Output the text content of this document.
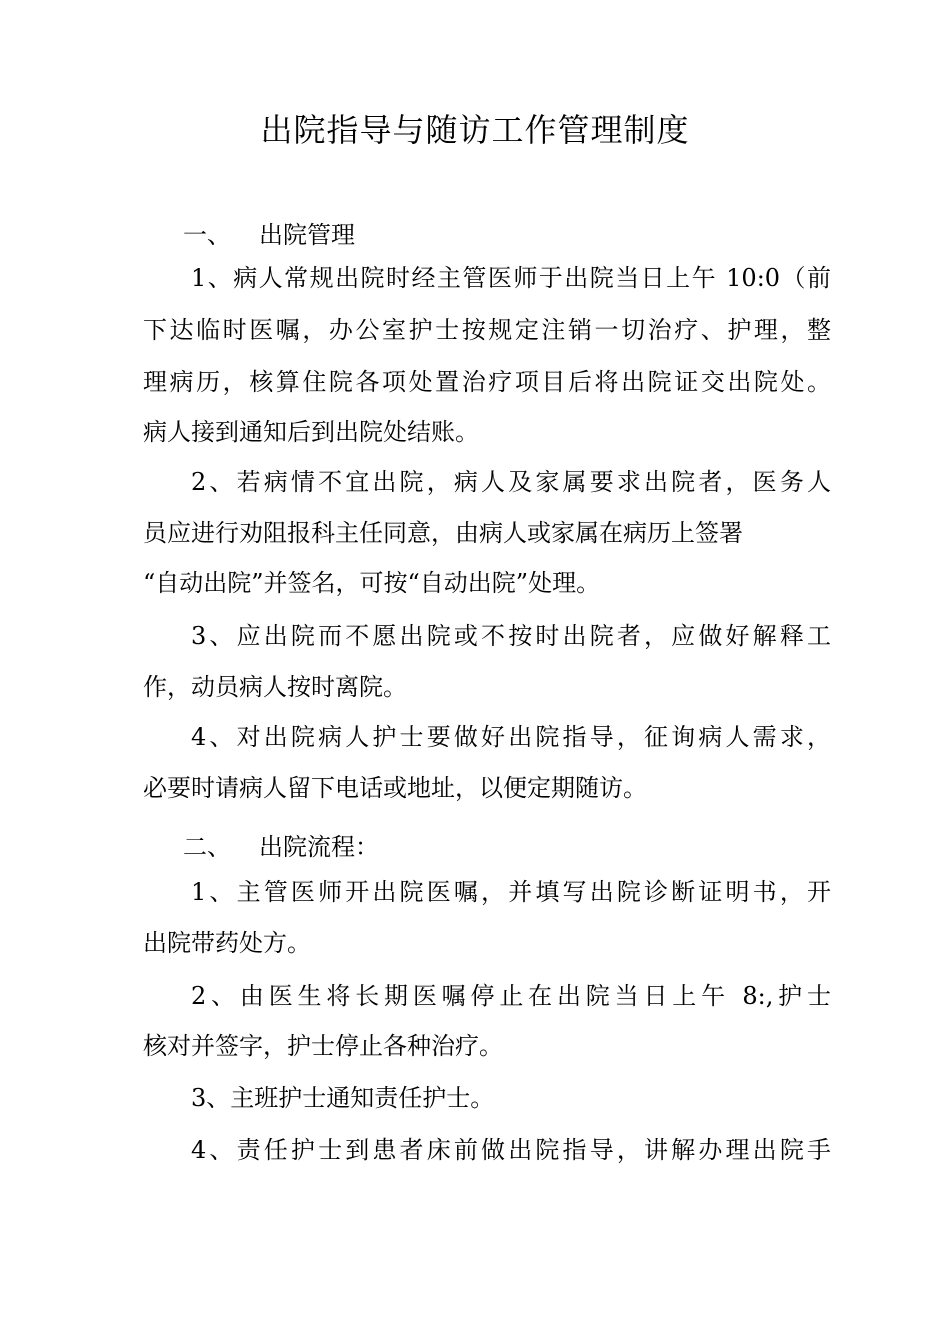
出院指导与随访工作管理制度
一、 出院管理
1、病人常规出院时经主管医师于出院当日上午 10:0（前
下达临时医嘱，办公室护士按规定注销一切治疗、护理，整
理病历，核算住院各项处置治疗项目后将出院证交出院处。
病人接到通知后到出院处结账。
2、若病情不宜出院，病人及家属要求出院者，医务人
员应进行劝阻报科主任同意，由病人或家属在病历上签署
“自动出院”并签名，可按“自动出院”处理。
3、应出院而不愿出院或不按时出院者，应做好解释工
作，动员病人按时离院。
4、对出院病人护士要做好出院指导，征询病人需求，
必要时请病人留下电话或地址，以便定期随访。
二、 出院流程：
1、主管医师开出院医嘱，并填写出院诊断证明书，开
出院带药处方。
2、由医生将长期医嘱停止在出院当日上午 8:,护士
核对并签字，护士停止各种治疗。
3、主班护士通知责任护士。
4、责任护士到患者床前做出院指导，讲解办理出院手
